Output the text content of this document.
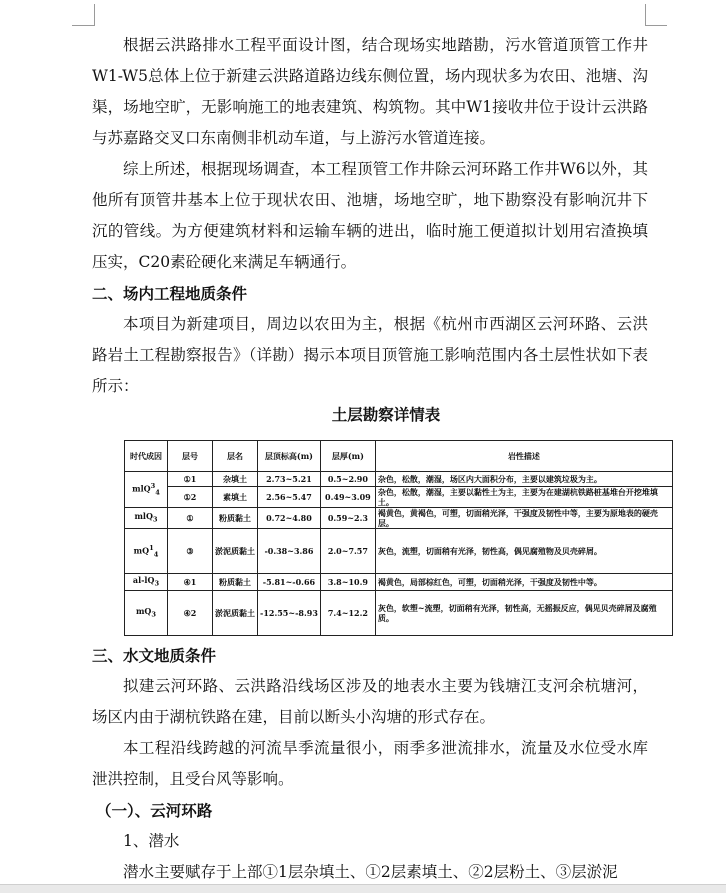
根据云洪路排水工程平面设计图，结合现场实地踏勘，污水管道顶管工作井W1-W5总体上位于新建云洪路道路边线东侧位置，场内现状多为农田、池塘、沟渠，场地空旷，无影响施工的地表建筑、构筑物。其中W1接收井位于设计云洪路与苏嘉路交叉口东南侧非机动车道，与上游污水管道连接。

综上所述，根据现场调查，本工程顶管工作井除云河环路工作井W6以外，其他所有顶管井基本上位于现状农田、池塘，场地空旷，地下勘察没有影响沉井下沉的管线。为方便建筑材料和运输车辆的进出，临时施工便道拟计划用宕渣换填压实，C20素砼硬化来满足车辆通行。

二、场内工程地质条件

本项目为新建项目，周边以农田为主，根据《杭州市西湖区云河环路、云洪路岩土工程勘察报告》（详勘）揭示本项目顶管施工影响范围内各土层性状如下表所示：

土层勘察详情表
时代成因	层号	层名	层顶标高(m)	层厚(m)	岩性描述
mlQ$^3_4$	①1	杂填土	2.73~5.21	0.5~2.90	杂色，松散，潮湿，场区内大面积分布，主要以建筑垃圾为主。
	①2	素填土	2.56~5.47	0.49~3.09	杂色，松散，潮湿，主要以黏性土为主，主要为在建湖杭铁路桩基堆台开挖堆填土。
mlQ$_3$	①	粉质黏土	0.72~4.80	0.59~2.3	褐黄色，黄褐色，可塑，切面稍光泽，干强度及韧性中等，主要为原地表的硬壳层。
$mQ^1_4$	③	淤泥质黏土	-0.38~3.86	2.0~7.57	灰色，流塑，切面稍有光泽，韧性高，偶见腐殖物及贝壳碎屑。
$al-lQ_3$	④1	粉质黏土	-5.81~-0.66	3.8~10.9	褐黄色，局部棕红色，可塑，切面稍光泽，干强度及韧性中等。
$mQ_3$	④2	淤泥质黏土	-12.55~-8.93	7.4~12.2	灰色，软塑~流塑，切面稍有光泽，韧性高，无摇振反应，偶见贝壳碎屑及腐殖质。

三、水文地质条件

拟建云河环路、云洪路沿线场区涉及的地表水主要为钱塘江支河余杭塘河，场区内由于湖杭铁路在建，目前以断头小沟塘的形式存在。

本工程沿线跨越的河流旱季流量很小，雨季多泄流排水，流量及水位受水库泄洪控制，且受台风等影响。

（一）、云河环路

1、潜水

潜水主要赋存于上部①1层杂填土、①2层素填土、②2层粉土、③层淤泥
